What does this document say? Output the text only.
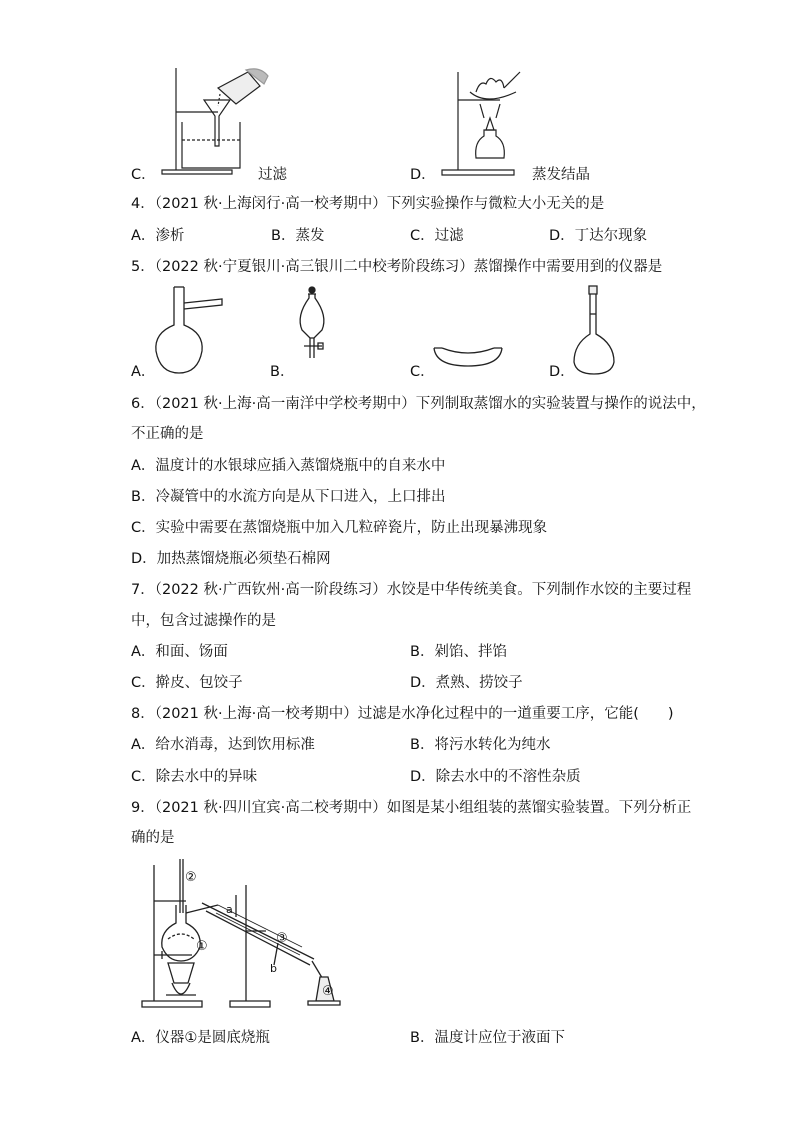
C．	过滤	D．	蒸发结晶
4．（2021 秋·上海闵行·高一校考期中）下列实验操作与微粒大小无关的是
A．渗析	B．蒸发	C．过滤	D．丁达尔现象
5．（2022 秋·宁夏银川·高三银川二中校考阶段练习）蒸馏操作中需要用到的仪器是
A．	B．	C．	D．
6．（2021 秋·上海·高一南洋中学校考期中）下列制取蒸馏水的实验装置与操作的说法中，
不正确的是
A．温度计的水银球应插入蒸馏烧瓶中的自来水中
B．冷凝管中的水流方向是从下口进入，上口排出
C．实验中需要在蒸馏烧瓶中加入几粒碎瓷片，防止出现暴沸现象
D．加热蒸馏烧瓶必须垫石棉网
7．（2022 秋·广西钦州·高一阶段练习）水饺是中华传统美食。下列制作水饺的主要过程
中，包含过滤操作的是
A．和面、饧面	B．剁馅、拌馅
C．擀皮、包饺子	D．煮熟、捞饺子
8．（2021 秋·上海·高一校考期中）过滤是水净化过程中的一道重要工序，它能(　　)
A．给水消毒，达到饮用标准	B．将污水转化为纯水
C．除去水中的异味	D．除去水中的不溶性杂质
9．（2021 秋·四川宜宾·高二校考期中）如图是某小组组装的蒸馏实验装置。下列分析正
确的是
②
①
③
④
a
b
A．仪器①是圆底烧瓶	B．温度计应位于液面下
